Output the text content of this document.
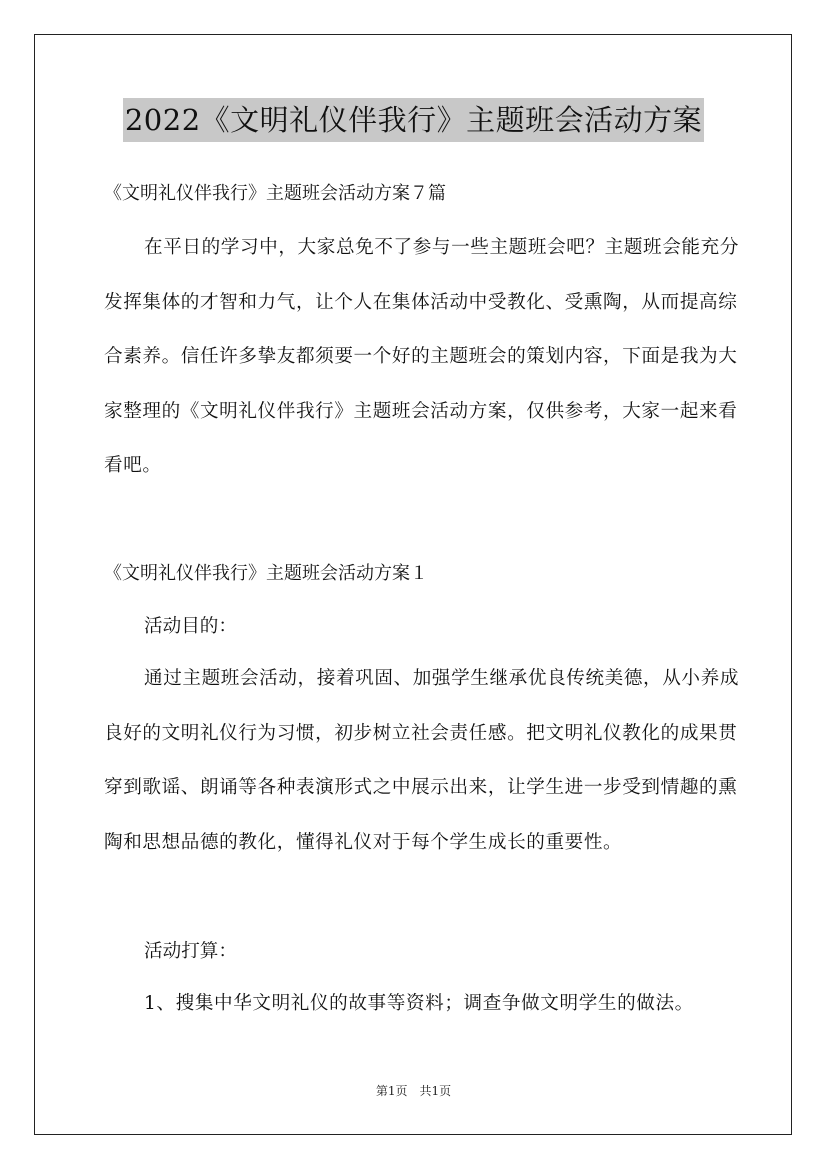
2022《文明礼仪伴我行》主题班会活动方案
《文明礼仪伴我行》主题班会活动方案７篇

在平日的学习中，大家总免不了参与一些主题班会吧？主题班会能充分发挥集体的才智和力气，让个人在集体活动中受教化、受熏陶，从而提高综合素养。信任许多挚友都须要一个好的主题班会的策划内容，下面是我为大家整理的《文明礼仪伴我行》主题班会活动方案，仅供参考，大家一起来看看吧。

《文明礼仪伴我行》主题班会活动方案１
活动目的：

通过主题班会活动，接着巩固、加强学生继承优良传统美德，从小养成良好的文明礼仪行为习惯，初步树立社会责任感。把文明礼仪教化的成果贯穿到歌谣、朗诵等各种表演形式之中展示出来，让学生进一步受到情趣的熏陶和思想品德的教化，懂得礼仪对于每个学生成长的重要性。

活动打算：

1、搜集中华文明礼仪的故事等资料；调查争做文明学生的做法。

第1页　共1页
